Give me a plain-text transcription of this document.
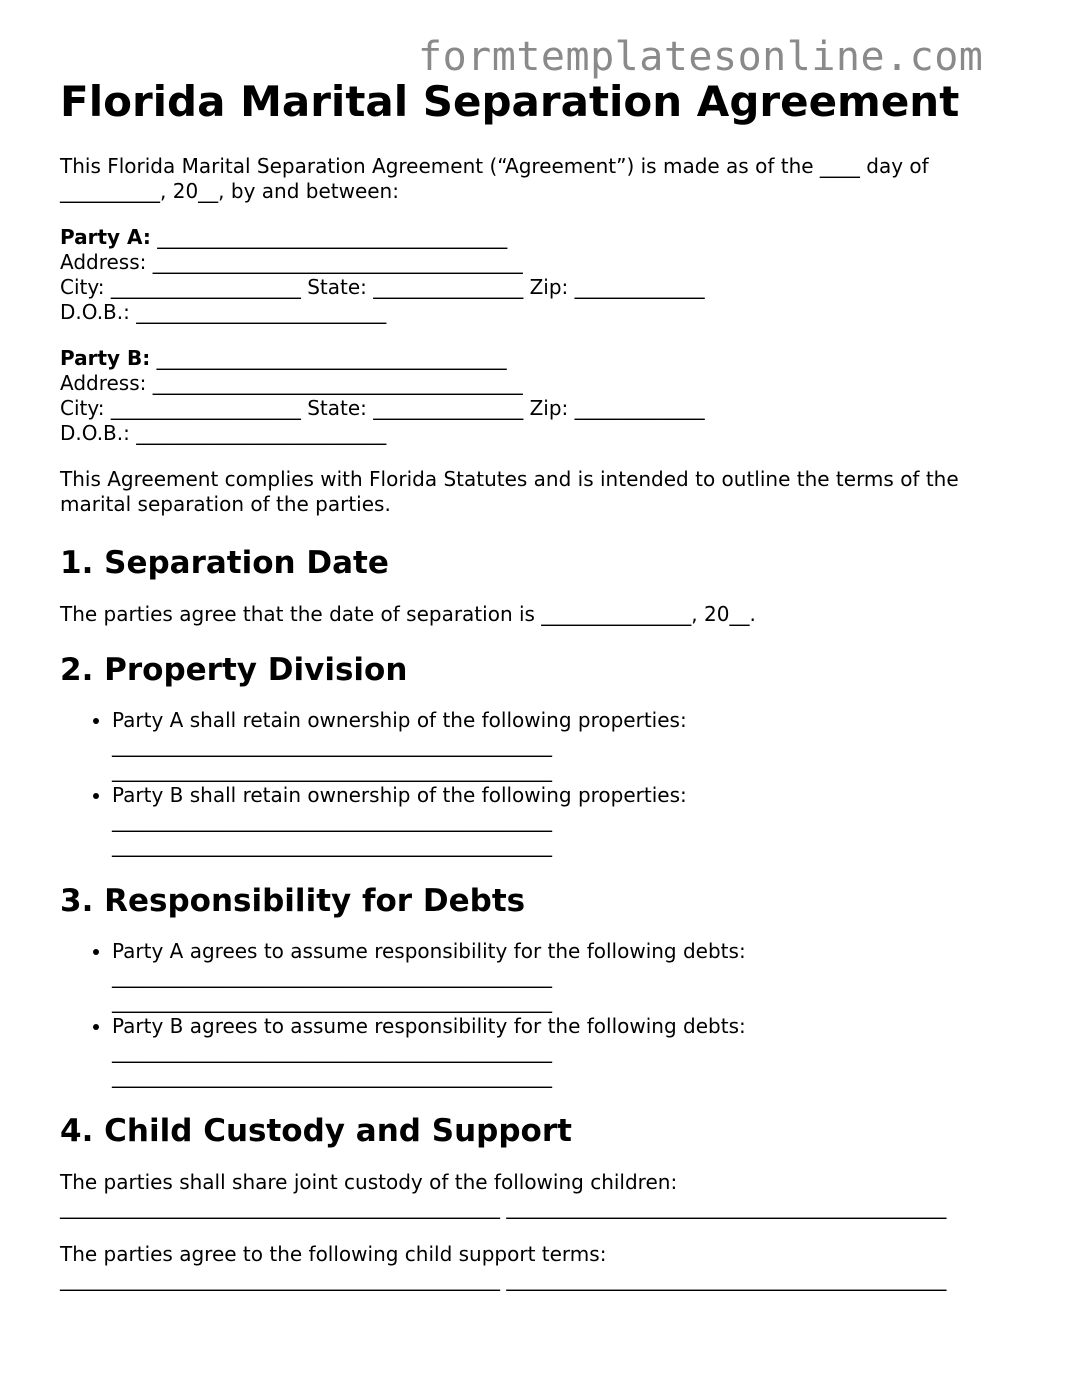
formtemplatesonline.com
Florida Marital Separation Agreement

This Florida Marital Separation Agreement (“Agreement”) is made as of the ____ day of
__________, 20__, by and between:

Party A: ___________________________________
Address: _____________________________________
City: ___________________ State: _______________ Zip: _____________
D.O.B.: _________________________
Party B: ___________________________________
Address: _____________________________________
City: ___________________ State: _______________ Zip: _____________
D.O.B.: _________________________

This Agreement complies with Florida Statutes and is intended to outline the terms of the
marital separation of the parties.

1. Separation Date

The parties agree that the date of separation is _______________, 20__.

2. Property Division
• Party A shall retain ownership of the following properties:
____________________________________________
____________________________________________
• Party B shall retain ownership of the following properties:
____________________________________________
____________________________________________
3. Responsibility for Debts
• Party A agrees to assume responsibility for the following debts:
____________________________________________
____________________________________________
• Party B agrees to assume responsibility for the following debts:
____________________________________________
____________________________________________
4. Child Custody and Support

The parties shall share joint custody of the following children:

____________________________________________ ____________________________________________

The parties agree to the following child support terms:

____________________________________________ ____________________________________________
